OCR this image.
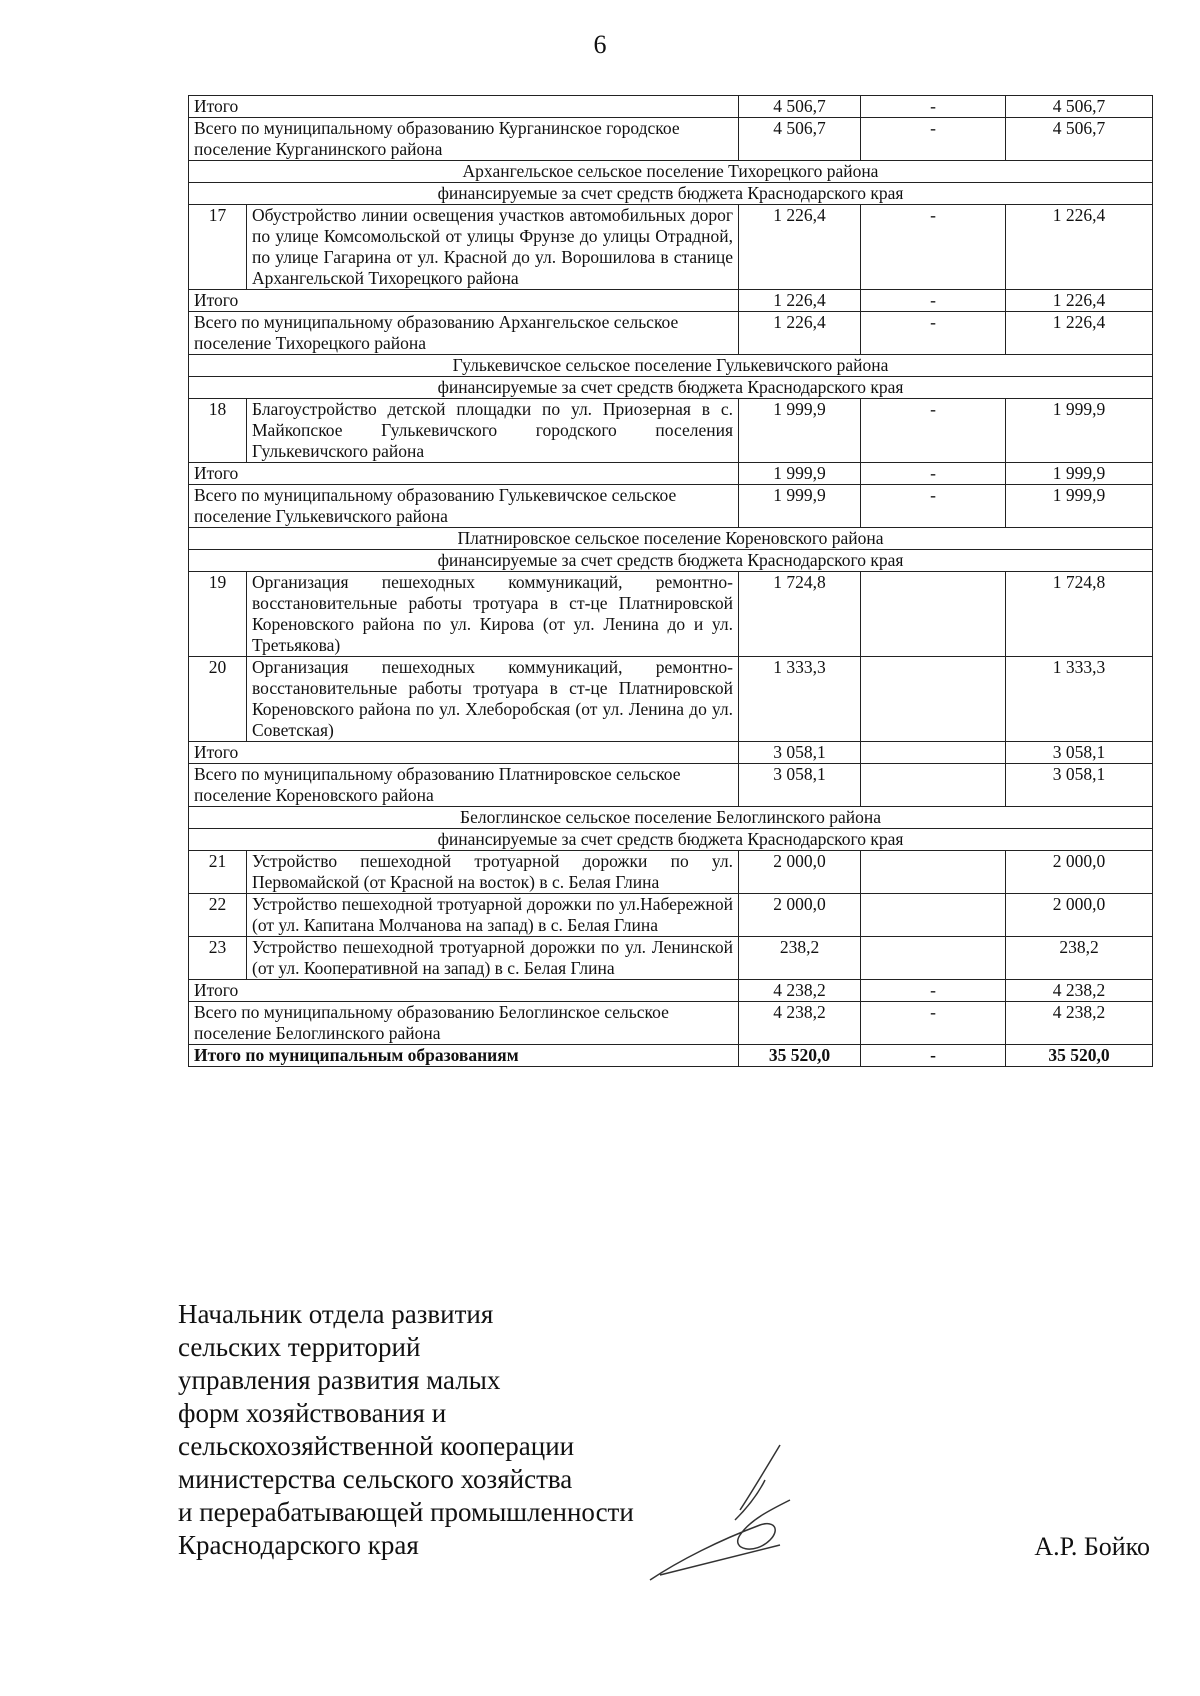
6
Итого		4 506,7	-	4 506,7
Всего по муниципальному образованию Курганинское городское поселение Курганинского района		4 506,7	-	4 506,7
Архангельское сельское поселение Тихорецкого района				
финансируемые за счет средств бюджета Краснодарского края				
17	Обустройство линии освещения участков автомобильных дорог по улице Комсомольской от улицы Фрунзе до улицы Отрадной, по улице Гагарина от ул. Красной до ул. Ворошилова в станице Архангельской Тихорецкого района	1 226,4	-	1 226,4
Итого		1 226,4	-	1 226,4
Всего по муниципальному образованию Архангельское сельское поселение Тихорецкого района		1 226,4	-	1 226,4
Гулькевичское сельское поселение Гулькевичского района				
финансируемые за счет средств бюджета Краснодарского края				
18	Благоустройство детской площадки по ул. Приозерная в с. Майкопское Гулькевичского городского поселения Гулькевичского района	1 999,9	-	1 999,9
Итого		1 999,9	-	1 999,9
Всего по муниципальному образованию Гулькевичское сельское поселение Гулькевичского района		1 999,9	-	1 999,9
Платнировское сельское поселение Кореновского района				
финансируемые за счет средств бюджета Краснодарского края				
19	Организация пешеходных коммуникаций, ремонтно-восстановительные работы тротуара в ст-це Платнировской Кореновского района по ул. Кирова (от ул. Ленина до и ул. Третьякова)	1 724,8		1 724,8
20	Организация пешеходных коммуникаций, ремонтно-восстановительные работы тротуара в ст-це Платнировской Кореновского района по ул. Хлеборобская (от ул. Ленина до ул. Советская)	1 333,3		1 333,3
Итого		3 058,1		3 058,1
Всего по муниципальному образованию Платнировское сельское поселение Кореновского района		3 058,1		3 058,1
Белоглинское сельское поселение Белоглинского района				
финансируемые за счет средств бюджета Краснодарского края				
21	Устройство пешеходной тротуарной дорожки по ул. Первомайской (от Красной на восток) в с. Белая Глина	2 000,0		2 000,0
22	Устройство пешеходной тротуарной дорожки по ул.Набережной (от ул. Капитана Молчанова на запад) в с. Белая Глина	2 000,0		2 000,0
23	Устройство пешеходной тротуарной дорожки по ул. Ленинской (от ул. Кооперативной на запад) в с. Белая Глина	238,2		238,2
Итого		4 238,2	-	4 238,2
Всего по муниципальному образованию Белоглинское сельское поселение Белоглинского района		4 238,2	-	4 238,2
Итого по муниципальным образованиям		35 520,0	-	35 520,0
Начальник отдела развития
сельских территорий
управления развития малых
форм хозяйствования и
сельскохозяйственной кооперации
министерства сельского хозяйства
и перерабатывающей промышленности
Краснодарского края	А.Р. Бойко
